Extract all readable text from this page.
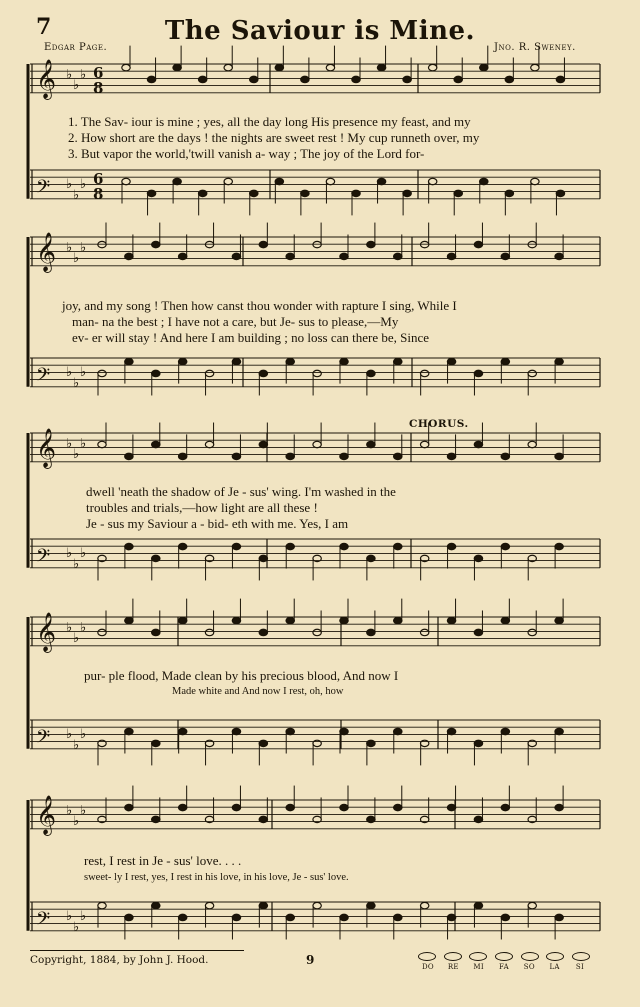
7	The Saviour is Mine.
Edgar Page.	Jno. R. Sweney.
𝄞 ♭
♭
♭
𝄢 ♭
♭
♭
𝄞 ♭
♭
♭
𝄢 ♭
♭
♭
𝄞 ♭
♭
♭
𝄢 ♭
♭
♭
𝄞 ♭
♭
♭
𝄢 ♭
♭
♭
𝄞 ♭
♭
♭
𝄢 ♭
♭
♭
6
8
6
8
1. The Sav- iour is mine ; yes, all the day long His presence my feast, and my
2. How short are the days ! the nights are sweet rest ! My cup runneth over, my
3. But vapor the world,'twill vanish a- way ; The joy of the Lord for-
joy, and my song ! Then how canst thou wonder with rapture I sing, While I
man- na the best ; I have not a care, but Je- sus to please,—My
ev- er will stay ! And here I am building ; no loss can there be, Since
CHORUS.
dwell 'neath the shadow of Je - sus' wing. I'm washed in the
troubles and trials,—how light are all these !
Je - sus my Saviour a - bid- eth with me. Yes, I am
pur- ple flood, Made clean by his precious blood, And now I
Made white and And now I rest, oh, how
rest, I rest in Je - sus' love. . . .
sweet- ly I rest, yes, I rest in his love, in his love, Je - sus' love.
Copyright, 1884, by John J. Hood.	9	DO	RE	MI	FA	SO	LA	SI
